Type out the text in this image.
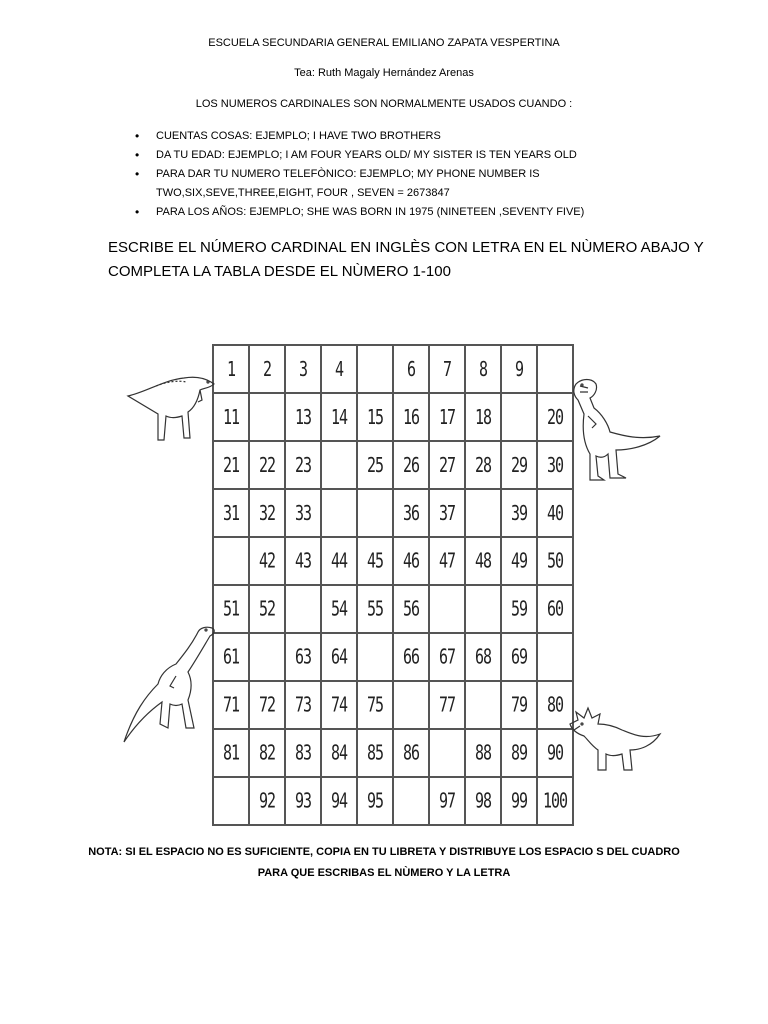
ESCUELA SECUNDARIA GENERAL EMILIANO ZAPATA VESPERTINA
Tea: Ruth Magaly Hernández Arenas
LOS NUMEROS CARDINALES SON NORMALMENTE USADOS CUANDO :
• CUENTAS COSAS: EJEMPLO; I HAVE TWO BROTHERS
• DA TU EDAD: EJEMPLO; I AM FOUR YEARS OLD/ MY SISTER IS TEN YEARS OLD
• PARA DAR TU NUMERO TELEFÒNICO: EJEMPLO; MY PHONE NUMBER IS
TWO,SIX,SEVE,THREE,EIGHT, FOUR , SEVEN = 2673847
• PARA LOS AÑOS: EJEMPLO; SHE WAS BORN IN 1975 (NINETEEN ,SEVENTY FIVE)
ESCRIBE EL NÚMERO CARDINAL EN INGLÈS CON LETRA EN EL NÙMERO ABAJO Y
COMPLETA LA TABLA DESDE EL NÙMERO 1-100
1	2	3	4		6	7	8	9	
11		13	14	15	16	17	18		20
21	22	23		25	26	27	28	29	30
31	32	33			36	37		39	40
	42	43	44	45	46	47	48	49	50
51	52		54	55	56			59	60
61		63	64		66	67	68	69	
71	72	73	74	75		77		79	80
81	82	83	84	85	86		88	89	90
	92	93	94	95		97	98	99	100
NOTA: SI EL ESPACIO NO ES SUFICIENTE, COPIA EN TU LIBRETA Y DISTRIBUYE LOS ESPACIO S DEL CUADRO
PARA QUE ESCRIBAS EL NÙMERO Y LA LETRA
